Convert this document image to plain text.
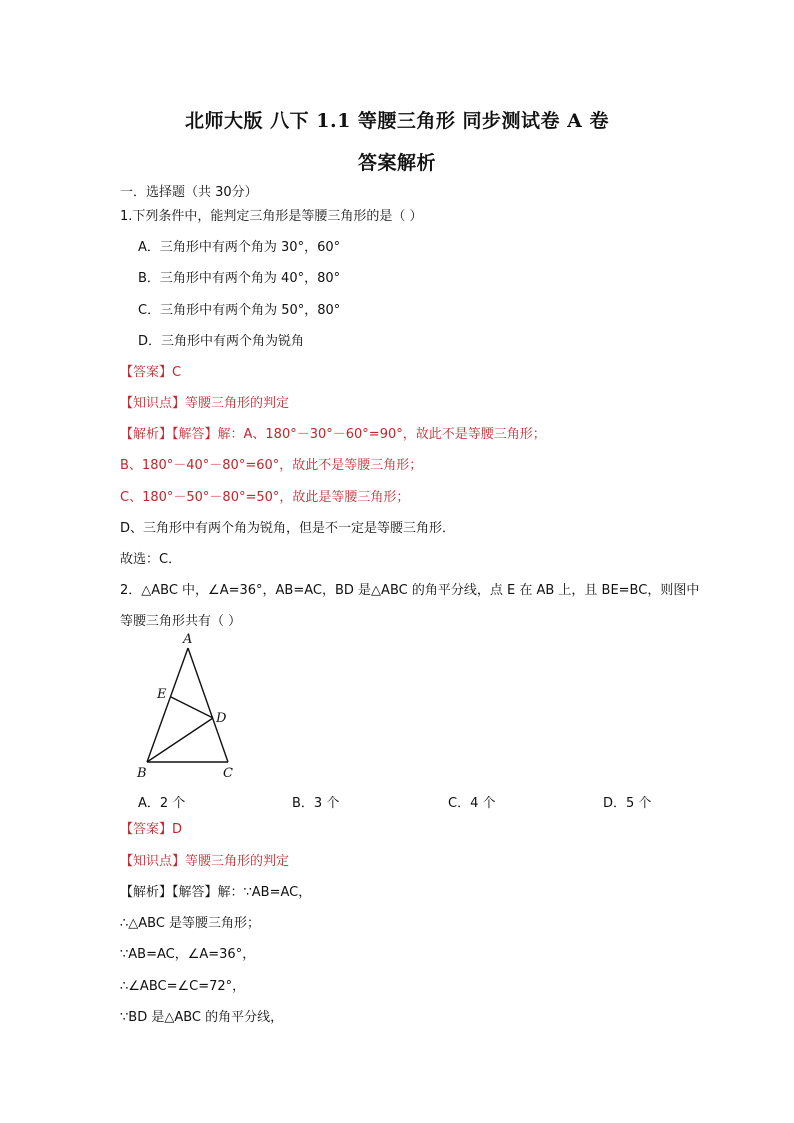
北师大版 八下 1.1 等腰三角形 同步测试卷 A 卷
答案解析
一．选择题（共 30分）
1.下列条件中，能判定三角形是等腰三角形的是（ ）
A．三角形中有两个角为 30°，60°
B．三角形中有两个角为 40°，80°
C．三角形中有两个角为 50°，80°
D．三角形中有两个角为锐角
【答案】C
【知识点】等腰三角形的判定
【解析】【解答】解：A、180°－30°－60°=90°，故此不是等腰三角形；
B、180°－40°－80°=60°，故此不是等腰三角形；
C、180°－50°－80°=50°，故此是等腰三角形；
D、三角形中有两个角为锐角，但是不一定是等腰三角形．
故选：C．
2．△ABC 中，∠A=36°，AB=AC，BD 是△ABC 的角平分线，点 E 在 AB 上，且 BE=BC，则图中
等腰三角形共有（ ）
A
E
D
B	C
A．2 个	B．3 个	C．4 个	D．5 个
【答案】D
【知识点】等腰三角形的判定
【解析】【解答】解：∵AB=AC，
∴△ABC 是等腰三角形；
∵AB=AC，∠A=36°，
∴∠ABC=∠C=72°，
∵BD 是△ABC 的角平分线，
